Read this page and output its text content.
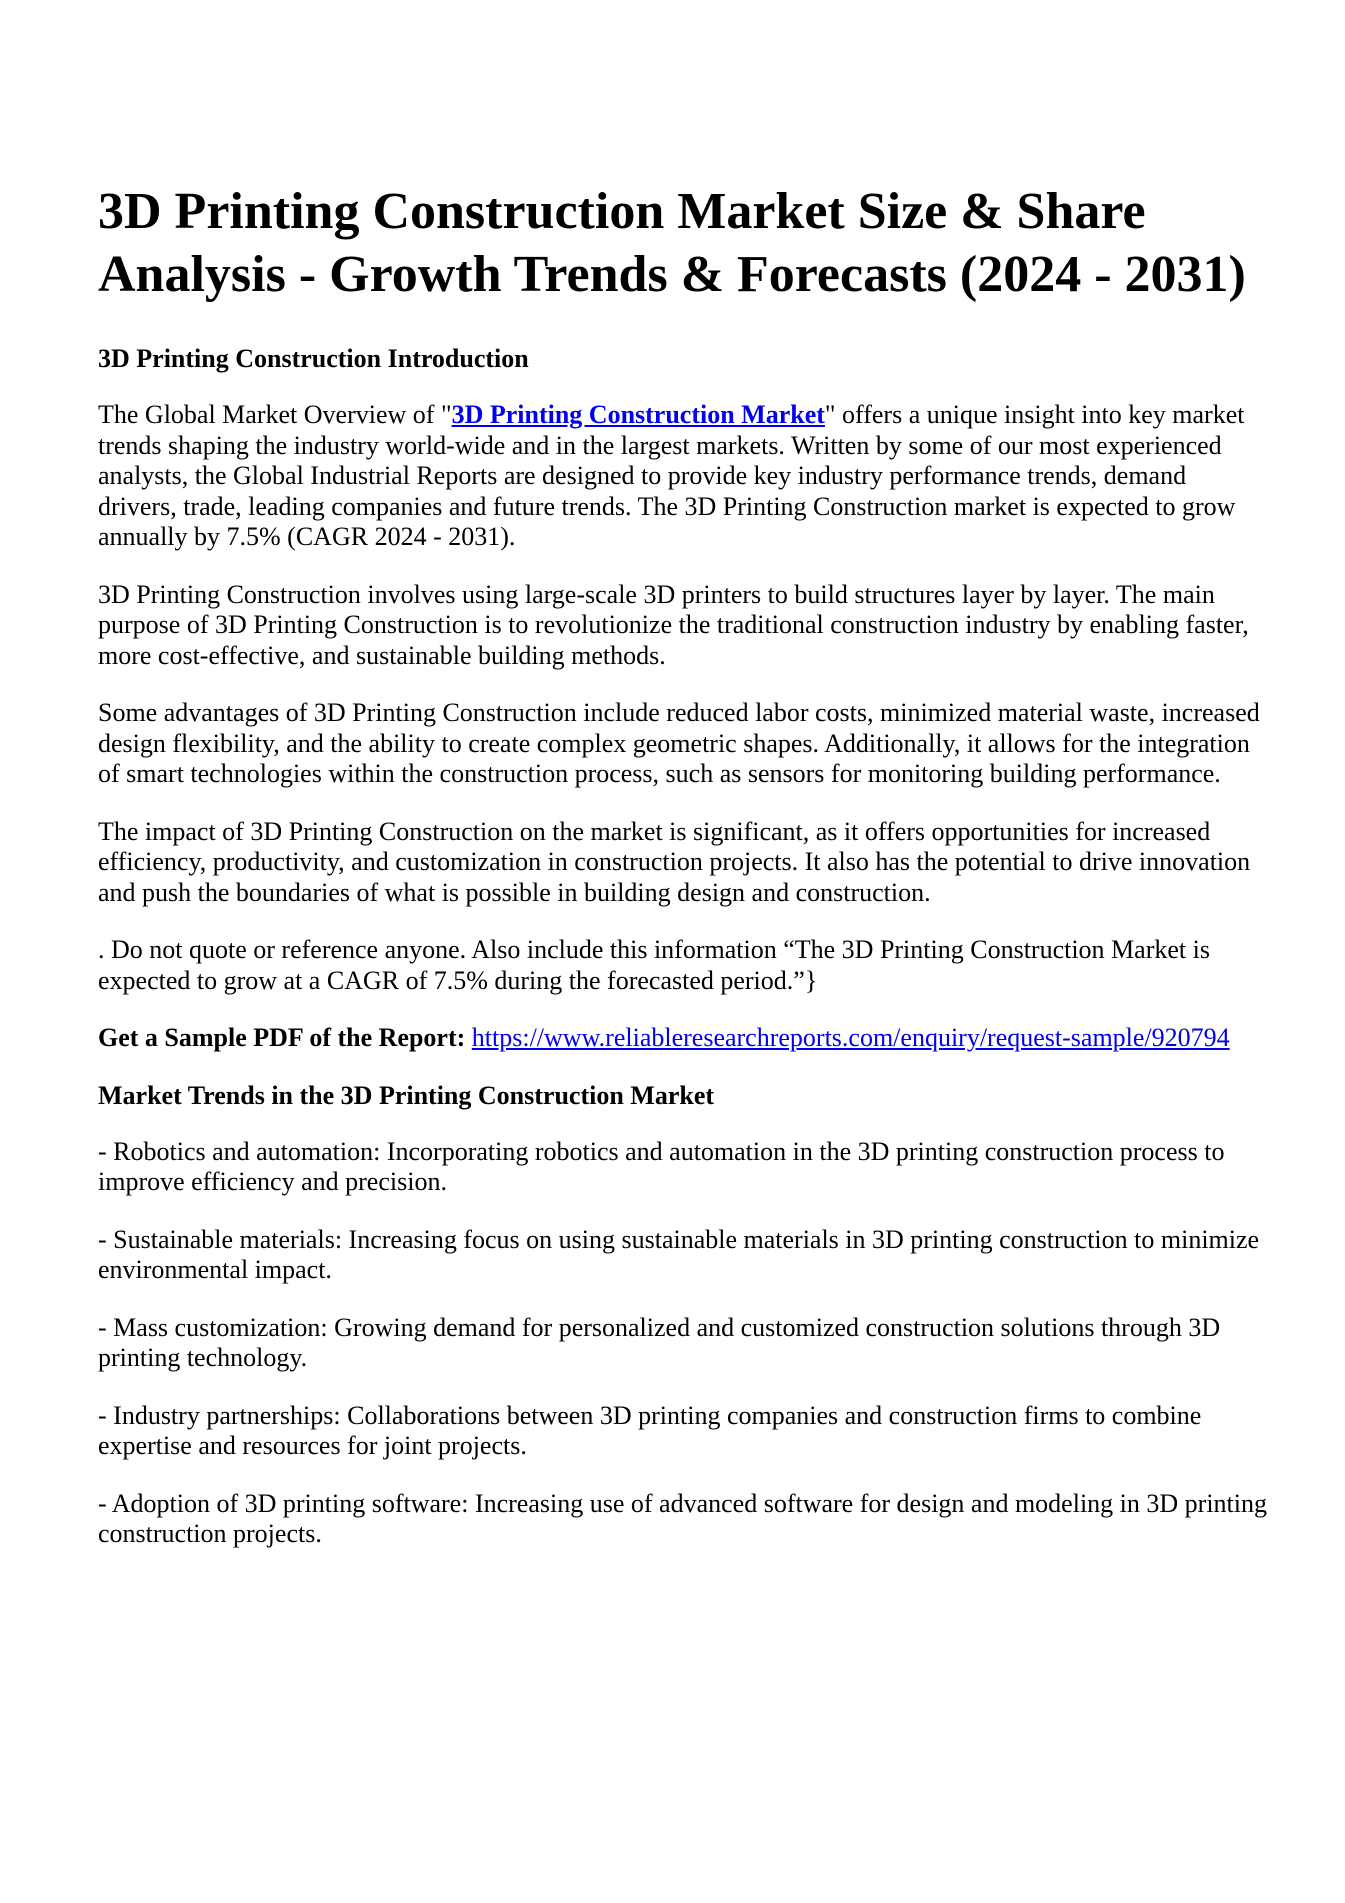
3D Printing Construction Market Size & Share Analysis - Growth Trends & Forecasts (2024 - 2031)
3D Printing Construction Introduction

The Global Market Overview of "3D Printing Construction Market" offers a unique insight into key market trends shaping the industry world-wide and in the largest markets. Written by some of our most experienced analysts, the Global Industrial Reports are designed to provide key industry performance trends, demand drivers, trade, leading companies and future trends. The 3D Printing Construction market is expected to grow annually by 7.5% (CAGR 2024 - 2031).

3D Printing Construction involves using large-scale 3D printers to build structures layer by layer. The main purpose of 3D Printing Construction is to revolutionize the traditional construction industry by enabling faster, more cost-effective, and sustainable building methods.

Some advantages of 3D Printing Construction include reduced labor costs, minimized material waste, increased design flexibility, and the ability to create complex geometric shapes. Additionally, it allows for the integration of smart technologies within the construction process, such as sensors for monitoring building performance.

The impact of 3D Printing Construction on the market is significant, as it offers opportunities for increased efficiency, productivity, and customization in construction projects. It also has the potential to drive innovation and push the boundaries of what is possible in building design and construction.

. Do not quote or reference anyone. Also include this information “The 3D Printing Construction Market is expected to grow at a CAGR of 7.5% during the forecasted period.”}

Get a Sample PDF of the Report: https://www.reliableresearchreports.com/enquiry/request-sample/920794

Market Trends in the 3D Printing Construction Market

- Robotics and automation: Incorporating robotics and automation in the 3D printing construction process to improve efficiency and precision.

- Sustainable materials: Increasing focus on using sustainable materials in 3D printing construction to minimize environmental impact.

- Mass customization: Growing demand for personalized and customized construction solutions through 3D printing technology.

- Industry partnerships: Collaborations between 3D printing companies and construction firms to combine expertise and resources for joint projects.

- Adoption of 3D printing software: Increasing use of advanced software for design and modeling in 3D printing construction projects.
